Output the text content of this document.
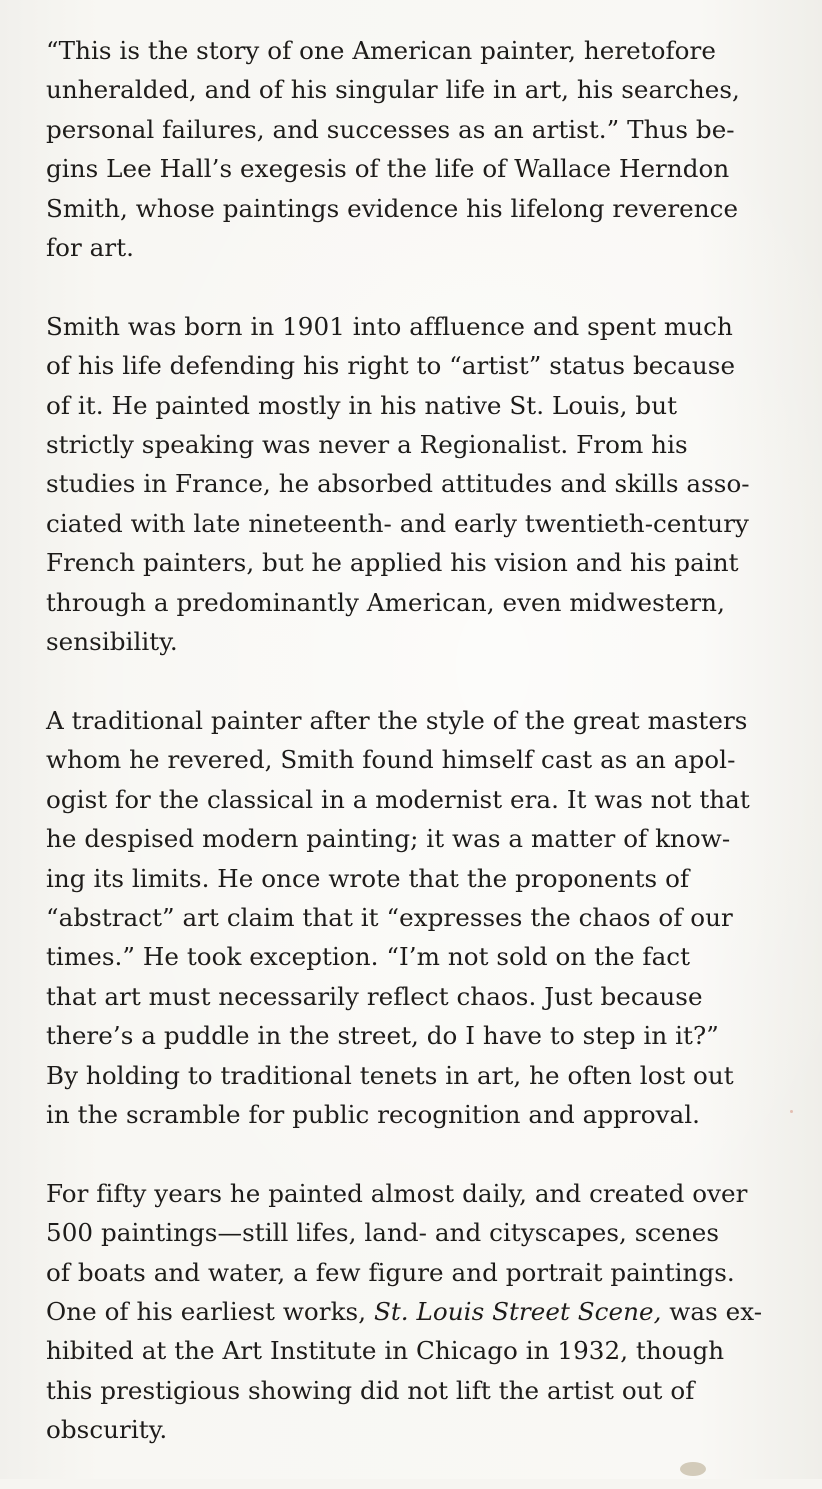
“This is the story of one American painter, heretofore
unheralded, and of his singular life in art, his searches,
personal failures, and successes as an artist.” Thus be-
gins Lee Hall’s exegesis of the life of Wallace Herndon
Smith, whose paintings evidence his lifelong reverence
for art.

Smith was born in 1901 into affluence and spent much
of his life defending his right to “artist” status because
of it. He painted mostly in his native St. Louis, but
strictly speaking was never a Regionalist. From his
studies in France, he absorbed attitudes and skills asso-
ciated with late nineteenth- and early twentieth-century
French painters, but he applied his vision and his paint
through a predominantly American, even midwestern,
sensibility.

A traditional painter after the style of the great masters
whom he revered, Smith found himself cast as an apol-
ogist for the classical in a modernist era. It was not that
he despised modern painting; it was a matter of know-
ing its limits. He once wrote that the proponents of
“abstract” art claim that it “expresses the chaos of our
times.” He took exception. “I’m not sold on the fact
that art must necessarily reflect chaos. Just because
there’s a puddle in the street, do I have to step in it?”
By holding to traditional tenets in art, he often lost out
in the scramble for public recognition and approval.

For fifty years he painted almost daily, and created over
500 paintings—still lifes, land- and cityscapes, scenes
of boats and water, a few figure and portrait paintings.
One of his earliest works, St. Louis Street Scene, was ex-
hibited at the Art Institute in Chicago in 1932, though
this prestigious showing did not lift the artist out of
obscurity.
